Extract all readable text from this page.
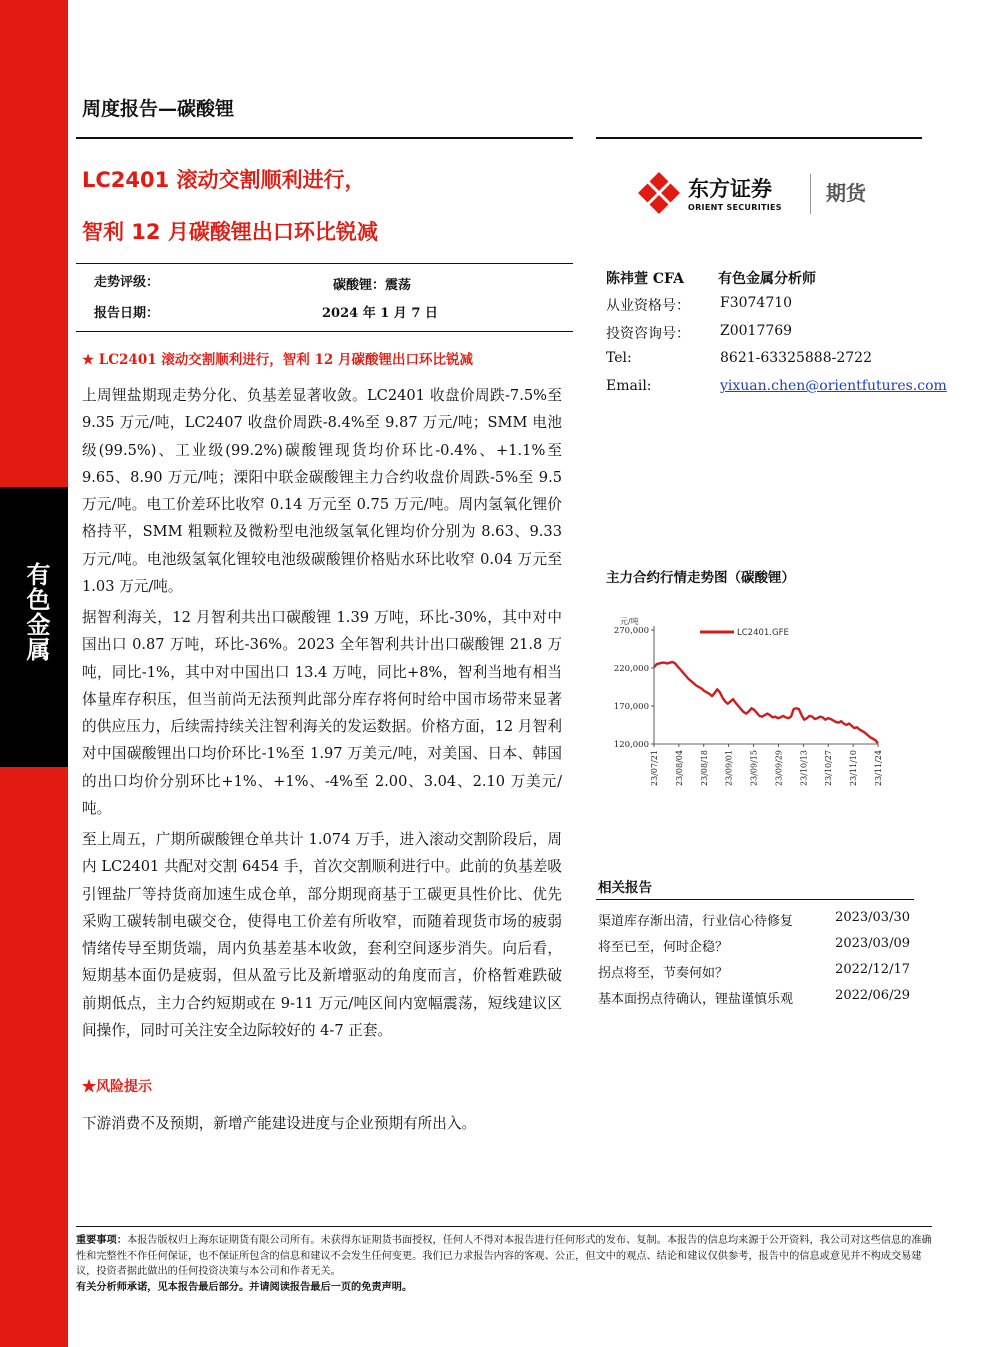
有色金属
周度报告—碳酸锂
LC2401 滚动交割顺利进行，
智利 12 月碳酸锂出口环比锐减
东方证券
ORIENT SECURITIES
期货
走势评级：	碳酸锂：震荡
报告日期：	2024 年 1 月 7 日
陈祎萱 CFA 有色金属分析师
从业资格号： F3074710
投资咨询号： Z0017769
Tel:	8621-63325888-2722
Email:	yixuan.chen@orientfutures.com
★ LC2401 滚动交割顺利进行，智利 12 月碳酸锂出口环比锐减
上周锂盐期现走势分化、负基差显著收敛。LC2401 收盘价周跌-7.5%至 9.35 万元/吨，LC2407 收盘价周跌-8.4%至 9.87 万元/吨；SMM 电池级(99.5%)、工业级(99.2%)碳酸锂现货均价环比-0.4%、+1.1%至 9.65、8.90 万元/吨；溧阳中联金碳酸锂主力合约收盘价周跌-5%至 9.5 万元/吨。电工价差环比收窄 0.14 万元至 0.75 万元/吨。周内氢氧化锂价格持平，SMM 粗颗粒及微粉型电池级氢氧化锂均价分别为 8.63、9.33 万元/吨。电池级氢氧化锂较电池级碳酸锂价格贴水环比收窄 0.04 万元至 1.03 万元/吨。
据智利海关，12 月智利共出口碳酸锂 1.39 万吨，环比-30%，其中对中国出口 0.87 万吨，环比-36%。2023 全年智利共计出口碳酸锂 21.8 万吨，同比-1%，其中对中国出口 13.4 万吨，同比+8%，智利当地有相当体量库存积压，但当前尚无法预判此部分库存将何时给中国市场带来显著的供应压力，后续需持续关注智利海关的发运数据。价格方面，12 月智利对中国碳酸锂出口均价环比-1%至 1.97 万美元/吨，对美国、日本、韩国的出口均价分别环比+1%、+1%、-4%至 2.00、3.04、2.10 万美元/吨。
至上周五，广期所碳酸锂仓单共计 1.074 万手，进入滚动交割阶段后，周内 LC2401 共配对交割 6454 手，首次交割顺利进行中。此前的负基差吸引锂盐厂等持货商加速生成仓单，部分期现商基于工碳更具性价比、优先采购工碳转制电碳交仓，使得电工价差有所收窄，而随着现货市场的疲弱情绪传导至期货端，周内负基差基本收敛，套利空间逐步消失。向后看，短期基本面仍是疲弱，但从盈亏比及新增驱动的角度而言，价格暂难跌破前期低点，主力合约短期或在 9-11 万元/吨区间内宽幅震荡，短线建议区间操作，同时可关注安全边际较好的 4-7 正套。
★风险提示
下游消费不及预期，新增产能建设进度与企业预期有所出入。
主力合约行情走势图（碳酸锂）
元/吨
270,000
220,000
170,000
120,000
23/07/21 23/08/04 23/08/18 23/09/01 23/09/15 23/09/29 23/10/13 23/10/27 23/11/10 23/11/24
LC2401.GFE
相关报告
渠道库存渐出清，行业信心待修复	2023/03/30
将至已至，何时企稳？	2023/03/09
拐点将至，节奏何如？	2022/12/17
基本面拐点待确认，锂盐谨慎乐观	2022/06/29
重要事项：本报告版权归上海东证期货有限公司所有。未获得东证期货书面授权，任何人不得对本报告进行任何形式的发布、复制。本报告的信息均来源于公开资料，我公司对这些信息的准确性和完整性不作任何保证，也不保证所包含的信息和建议不会发生任何变更。我们已力求报告内容的客观、公正，但文中的观点、结论和建议仅供参考，报告中的信息或意见并不构成交易建议，投资者据此做出的任何投资决策与本公司和作者无关。
有关分析师承诺，见本报告最后部分。并请阅读报告最后一页的免责声明。
